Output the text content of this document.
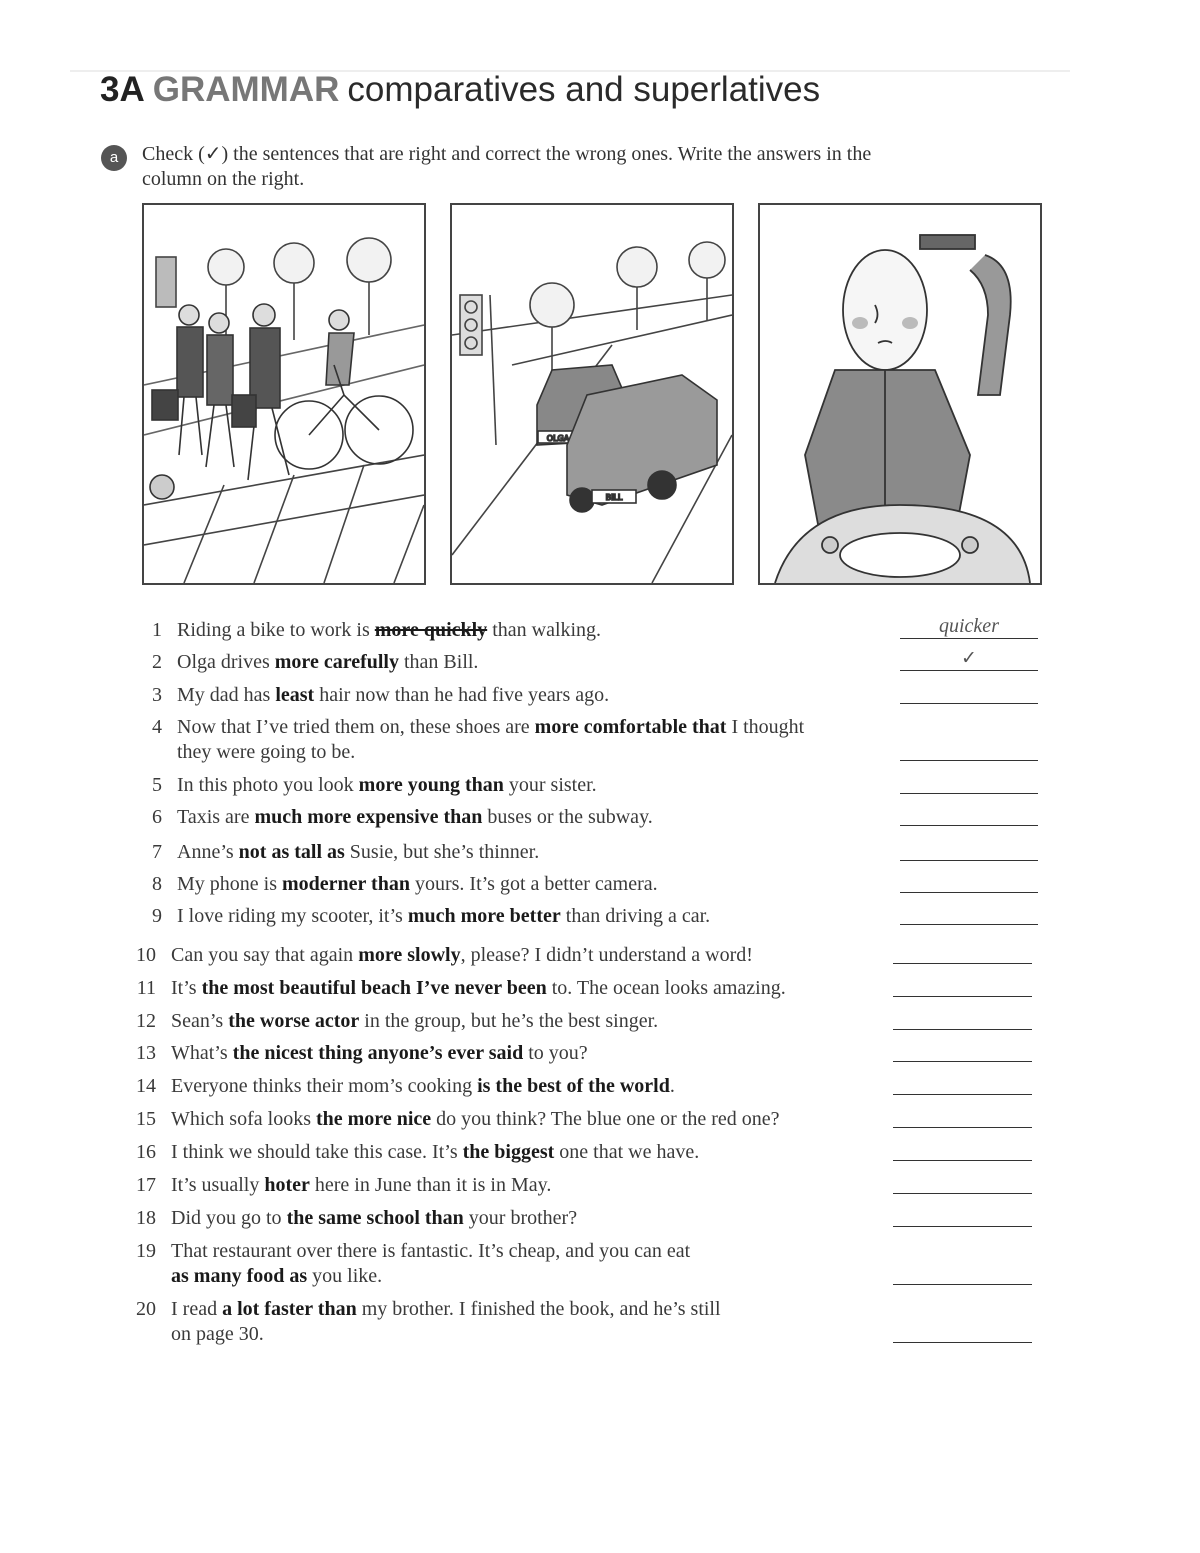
3A GRAMMAR comparatives and superlatives
a	Check (✓) the sentences that are right and correct the wrong ones. Write the answers in the
column on the right.
OLGA
BILL
1 Riding a bike to work is more quickly than walking.	quicker
2 Olga drives more carefully than Bill.	✓
3 My dad has least hair now than he had five years ago.
4 Now that I’ve tried them on, these shoes are more comfortable that I thought
they were going to be.
5 In this photo you look more young than your sister.
6 Taxis are much more expensive than buses or the subway.
7 Anne’s not as tall as Susie, but she’s thinner.
8 My phone is moderner than yours. It’s got a better camera.
9 I love riding my scooter, it’s much more better than driving a car.
10 Can you say that again more slowly, please? I didn’t understand a word!
11 It’s the most beautiful beach I’ve never been to. The ocean looks amazing.
12 Sean’s the worse actor in the group, but he’s the best singer.
13 What’s the nicest thing anyone’s ever said to you?
14 Everyone thinks their mom’s cooking is the best of the world.
15 Which sofa looks the more nice do you think? The blue one or the red one?
16 I think we should take this case. It’s the biggest one that we have.
17 It’s usually hoter here in June than it is in May.
18 Did you go to the same school than your brother?
19 That restaurant over there is fantastic. It’s cheap, and you can eat
as many food as you like.
20 I read a lot faster than my brother. I finished the book, and he’s still
on page 30.
